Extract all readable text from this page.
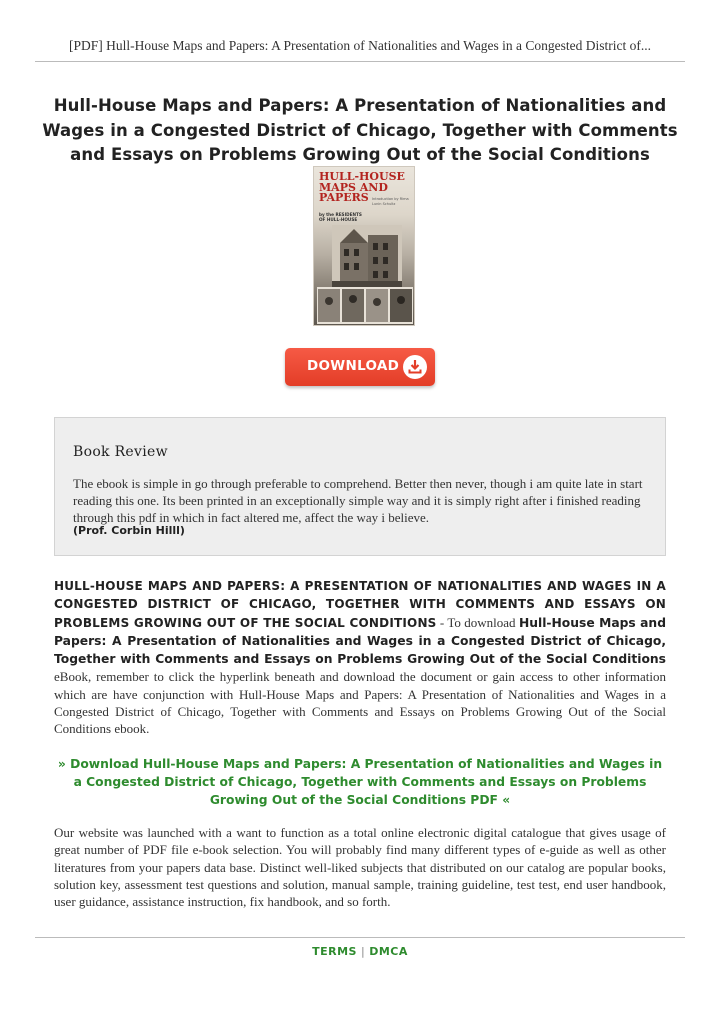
[PDF] Hull-House Maps and Papers: A Presentation of Nationalities and Wages in a Congested District of...
Hull-House Maps and Papers: A Presentation of Nationalities and Wages in a Congested District of Chicago, Together with Comments and Essays on Problems Growing Out of the Social Conditions
HULL-HOUSE
MAPS AND
PAPERS Introduction by Rima Lunin Schultz
by the RESIDENTS OF HULL-HOUSE
DOWNLOAD
Book Review
The ebook is simple in go through preferable to comprehend. Better then never, though i am quite late in start reading this one. Its been printed in an exceptionally simple way and it is simply right after i finished reading through this pdf in which in fact altered me, affect the way i believe.
(Prof. Corbin Hilll)
HULL-HOUSE MAPS AND PAPERS: A PRESENTATION OF NATIONALITIES AND WAGES IN A CONGESTED DISTRICT OF CHICAGO, TOGETHER WITH COMMENTS AND ESSAYS ON PROBLEMS GROWING OUT OF THE SOCIAL CONDITIONS - To download Hull-House Maps and Papers: A Presentation of Nationalities and Wages in a Congested District of Chicago, Together with Comments and Essays on Problems Growing Out of the Social Conditions eBook, remember to click the hyperlink beneath and download the document or gain access to other information which are have conjunction with Hull-House Maps and Papers: A Presentation of Nationalities and Wages in a Congested District of Chicago, Together with Comments and Essays on Problems Growing Out of the Social Conditions ebook.
» Download Hull-House Maps and Papers: A Presentation of Nationalities and Wages in a Congested District of Chicago, Together with Comments and Essays on Problems Growing Out of the Social Conditions PDF «
Our website was launched with a want to function as a total online electronic digital catalogue that gives usage of great number of PDF file e-book selection. You will probably find many different types of e-guide as well as other literatures from your papers data base. Distinct well-liked subjects that distributed on our catalog are popular books, solution key, assessment test questions and solution, manual sample, training guideline, test test, end user handbook, user guidance, assistance instruction, fix handbook, and so forth.
TERMS | DMCA
